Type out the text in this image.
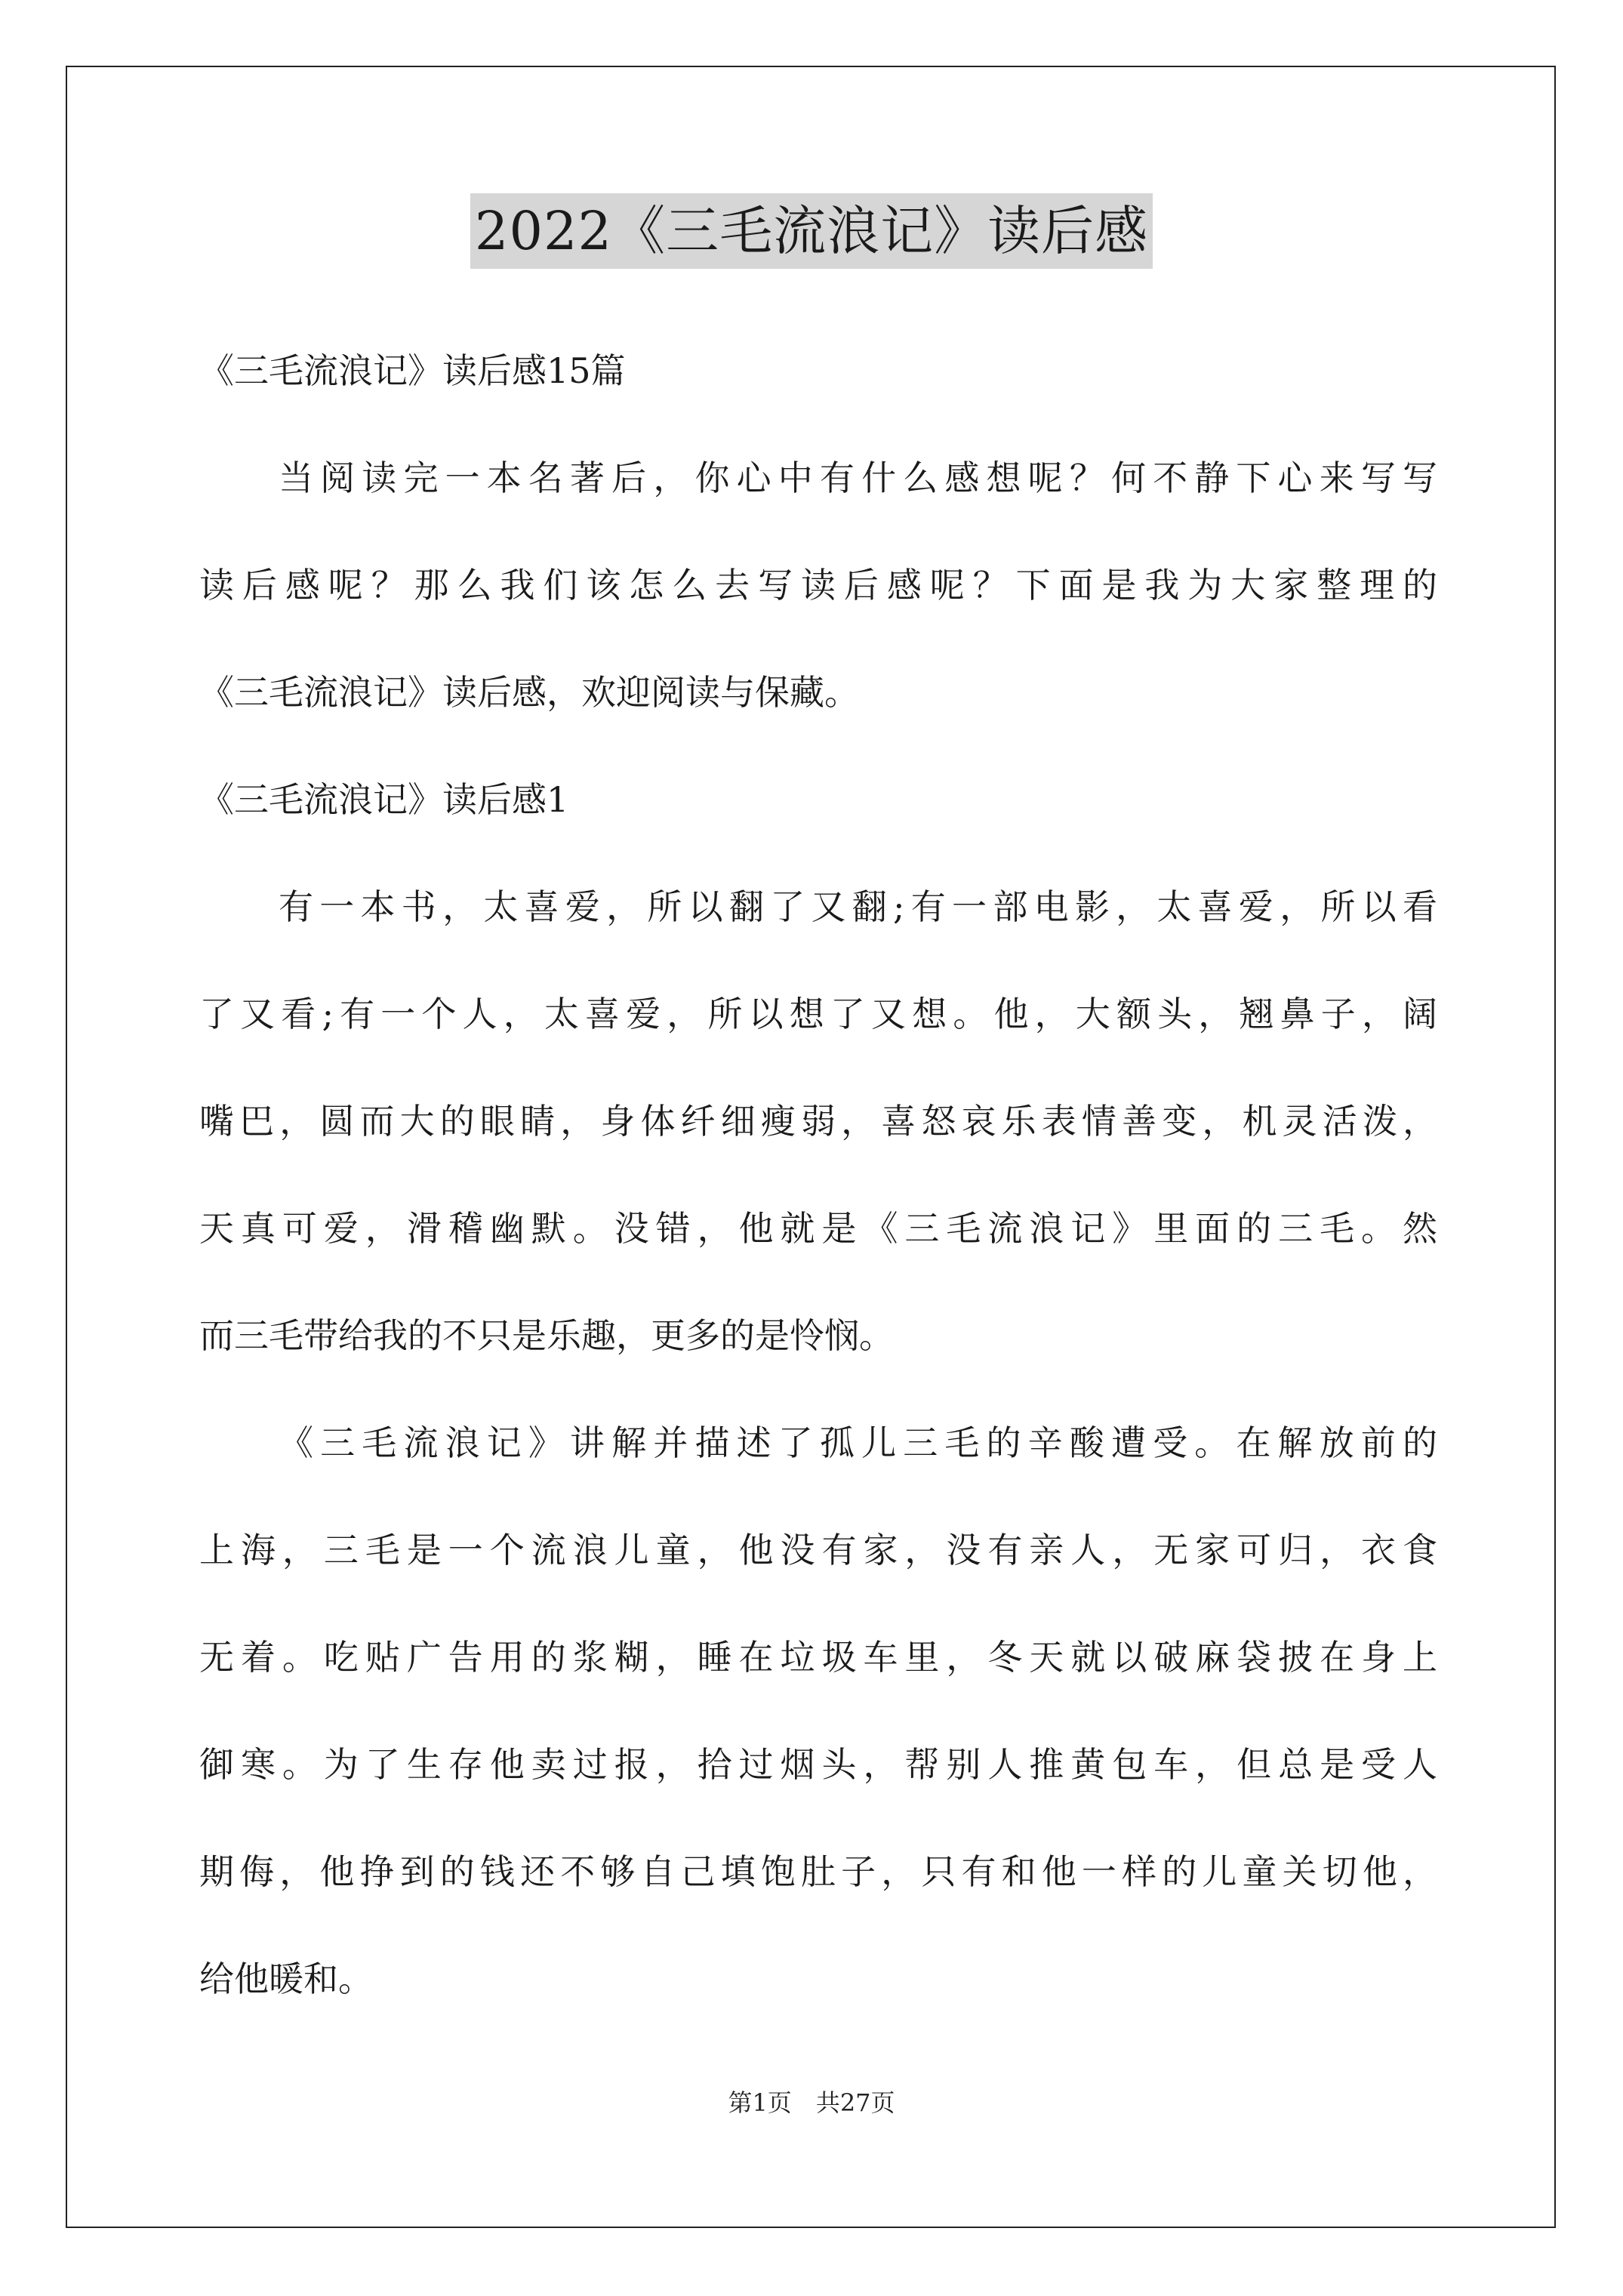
2022《三毛流浪记》读后感
《三毛流浪记》读后感15篇
当阅读完一本名著后，你心中有什么感想呢？何不静下心来写写
读后感呢？那么我们该怎么去写读后感呢？下面是我为大家整理的
《三毛流浪记》读后感，欢迎阅读与保藏。
《三毛流浪记》读后感1
有一本书，太喜爱，所以翻了又翻;有一部电影，太喜爱，所以看
了又看;有一个人，太喜爱，所以想了又想。他，大额头，翘鼻子，阔
嘴巴，圆而大的眼睛，身体纤细瘦弱，喜怒哀乐表情善变，机灵活泼，
天真可爱，滑稽幽默。没错，他就是《三毛流浪记》里面的三毛。然
而三毛带给我的不只是乐趣，更多的是怜悯。
《三毛流浪记》讲解并描述了孤儿三毛的辛酸遭受。在解放前的
上海，三毛是一个流浪儿童，他没有家，没有亲人，无家可归，衣食
无着。吃贴广告用的浆糊，睡在垃圾车里，冬天就以破麻袋披在身上
御寒。为了生存他卖过报，拾过烟头，帮别人推黄包车，但总是受人
期侮，他挣到的钱还不够自己填饱肚子，只有和他一样的儿童关切他，
给他暖和。
第1页 共27页
